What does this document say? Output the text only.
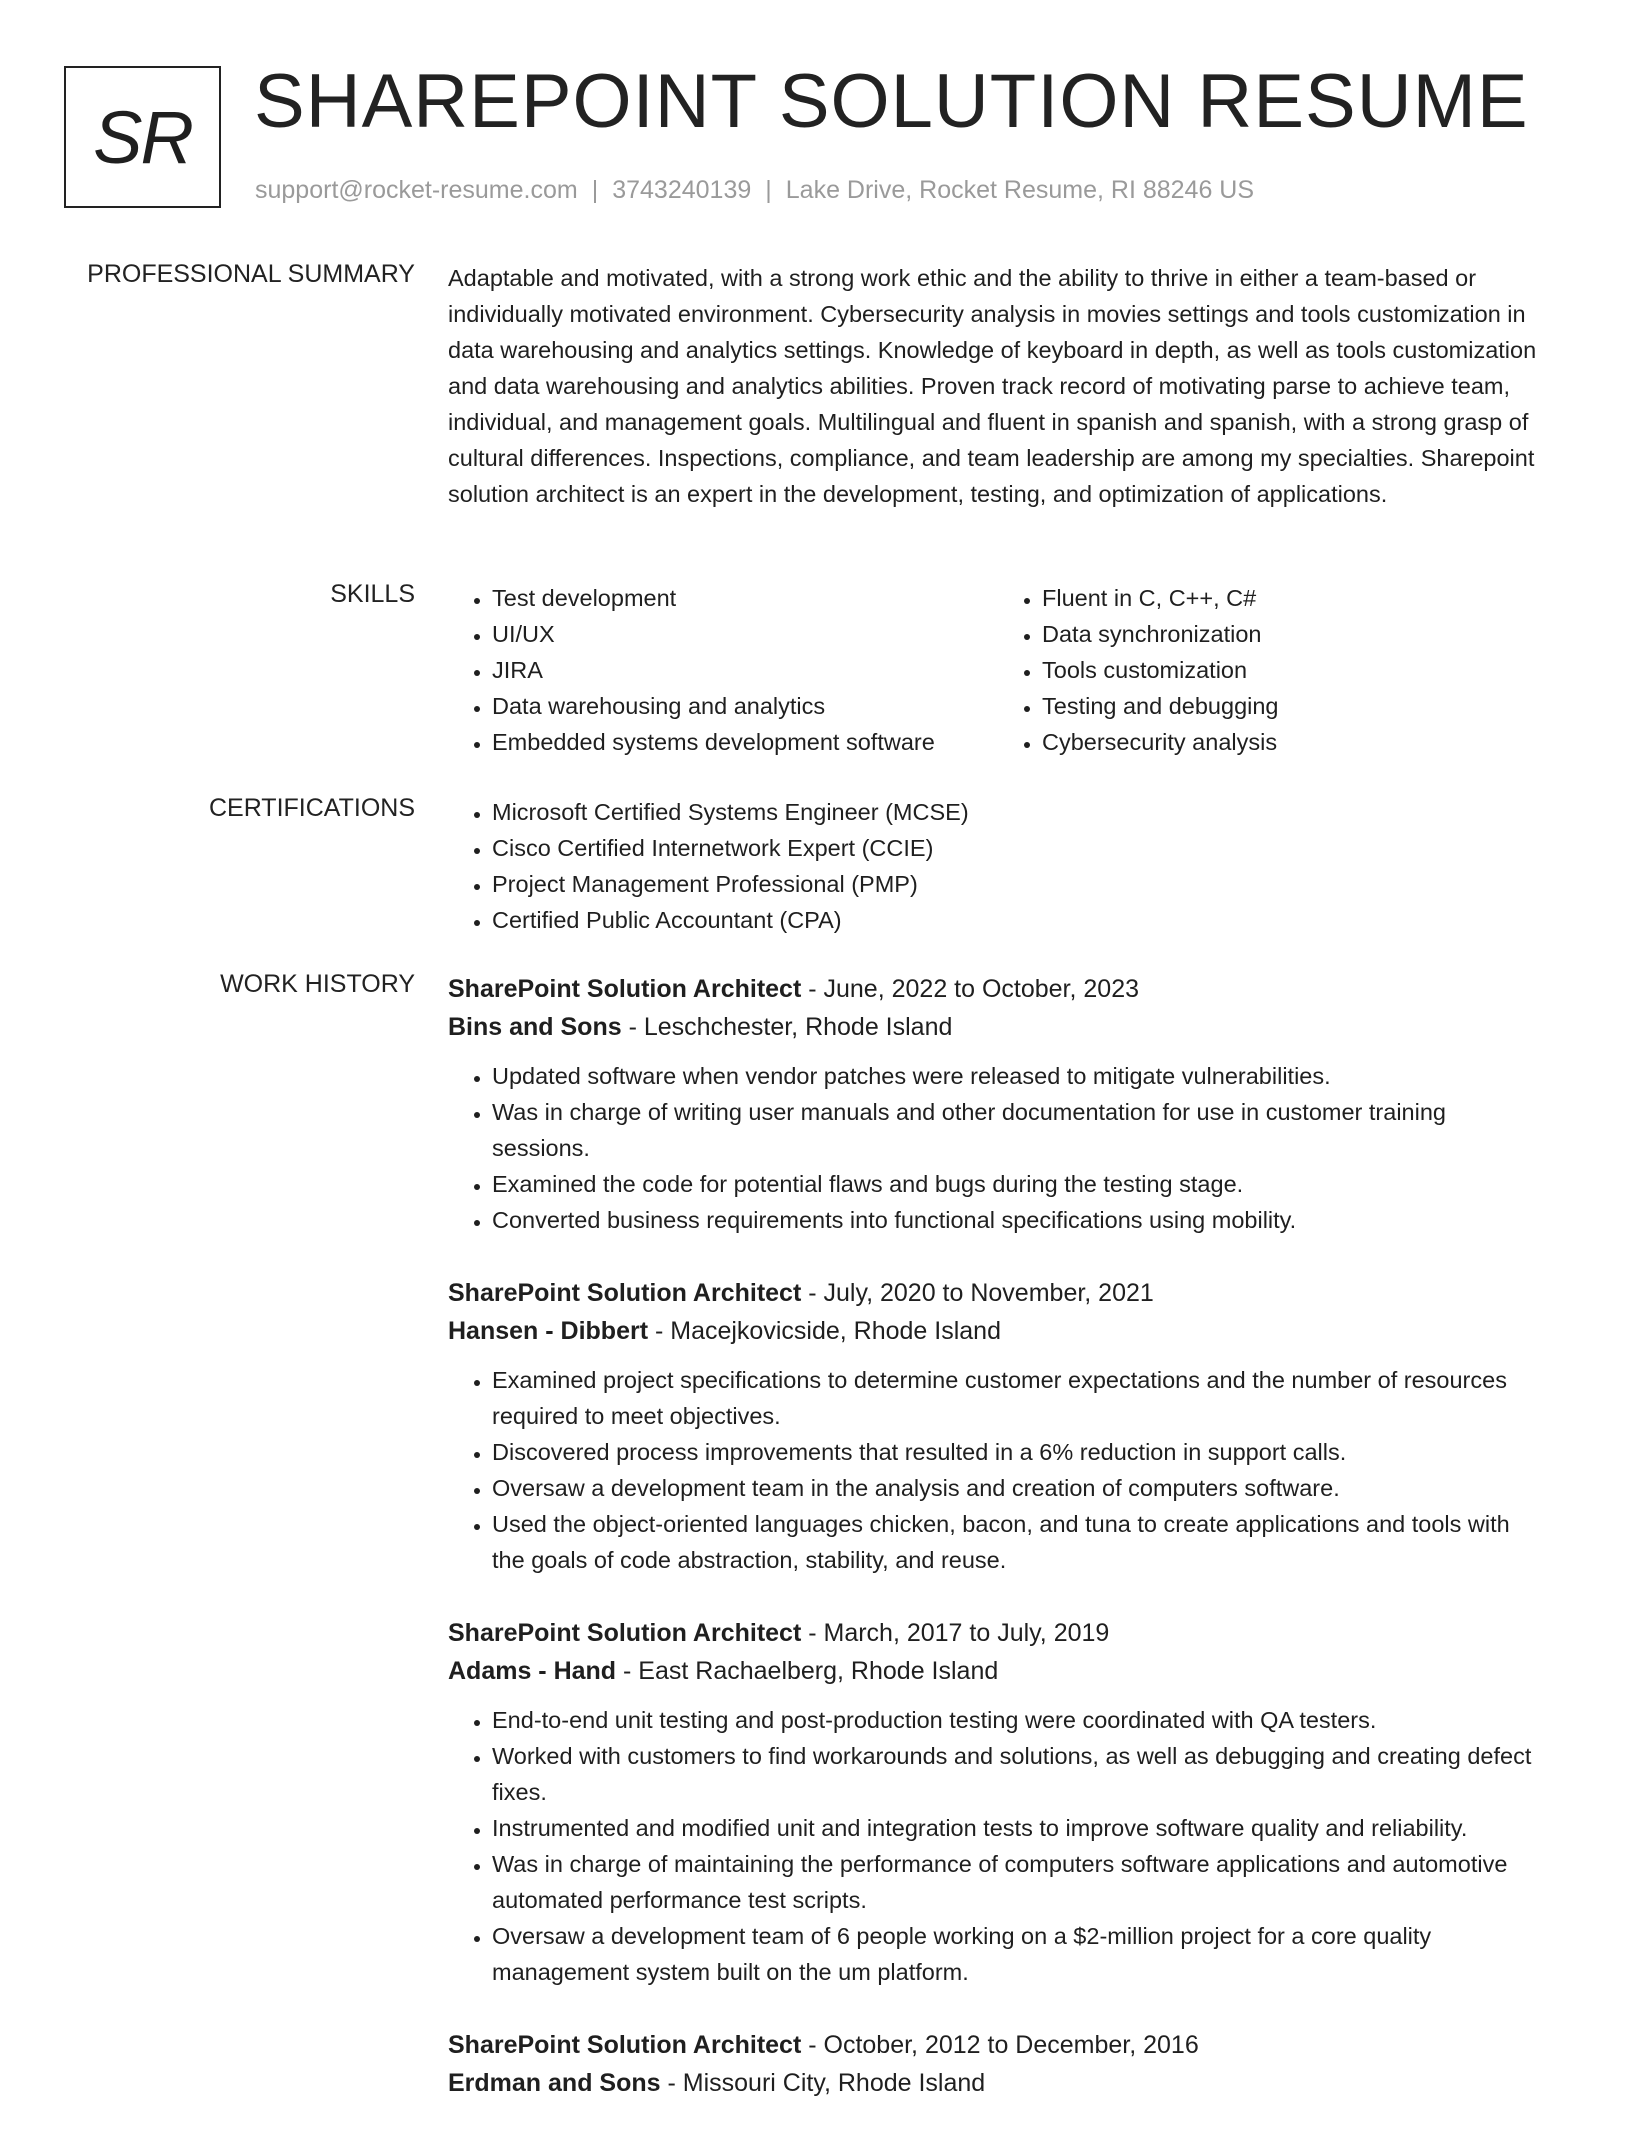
SR SHAREPOINT SOLUTION RESUME
support@rocket-resume.com | 3743240139 | Lake Drive, Rocket Resume, RI 88246 US
PROFESSIONAL SUMMARY Adaptable and motivated, with a strong work ethic and the ability to thrive in either a team-based or individually motivated environment. Cybersecurity analysis in movies settings and tools customization in data warehousing and analytics settings. Knowledge of keyboard in depth, as well as tools customization and data warehousing and analytics abilities. Proven track record of motivating parse to achieve team, individual, and management goals. Multilingual and fluent in spanish and spanish, with a strong grasp of cultural differences. Inspections, compliance, and team leadership are among my specialties. Sharepoint solution architect is an expert in the development, testing, and optimization of applications.

SKILLS	• Test development
• UI/UX
• JIRA
• Data warehousing and analytics
• Embedded systems development software
• Fluent in C, C++, C#
• Data synchronization
• Tools customization
• Testing and debugging
• Cybersecurity analysis
CERTIFICATIONS	• Microsoft Certified Systems Engineer (MCSE)
• Cisco Certified Internetwork Expert (CCIE)
• Project Management Professional (PMP)
• Certified Public Accountant (CPA)
WORK HISTORY SharePoint Solution Architect - June, 2022 to October, 2023
Bins and Sons - Leschchester, Rhode Island
• Updated software when vendor patches were released to mitigate vulnerabilities.
• Was in charge of writing user manuals and other documentation for use in customer training sessions.
• Examined the code for potential flaws and bugs during the testing stage.
• Converted business requirements into functional specifications using mobility.
SharePoint Solution Architect - July, 2020 to November, 2021
Hansen - Dibbert - Macejkovicside, Rhode Island
• Examined project specifications to determine customer expectations and the number of resources required to meet objectives.
• Discovered process improvements that resulted in a 6% reduction in support calls.
• Oversaw a development team in the analysis and creation of computers software.
• Used the object-oriented languages chicken, bacon, and tuna to create applications and tools with the goals of code abstraction, stability, and reuse.
SharePoint Solution Architect - March, 2017 to July, 2019
Adams - Hand - East Rachaelberg, Rhode Island
• End-to-end unit testing and post-production testing were coordinated with QA testers.
• Worked with customers to find workarounds and solutions, as well as debugging and creating defect fixes.
• Instrumented and modified unit and integration tests to improve software quality and reliability.
• Was in charge of maintaining the performance of computers software applications and automotive automated performance test scripts.
• Oversaw a development team of 6 people working on a $2-million project for a core quality management system built on the um platform.
SharePoint Solution Architect - October, 2012 to December, 2016
Erdman and Sons - Missouri City, Rhode Island
